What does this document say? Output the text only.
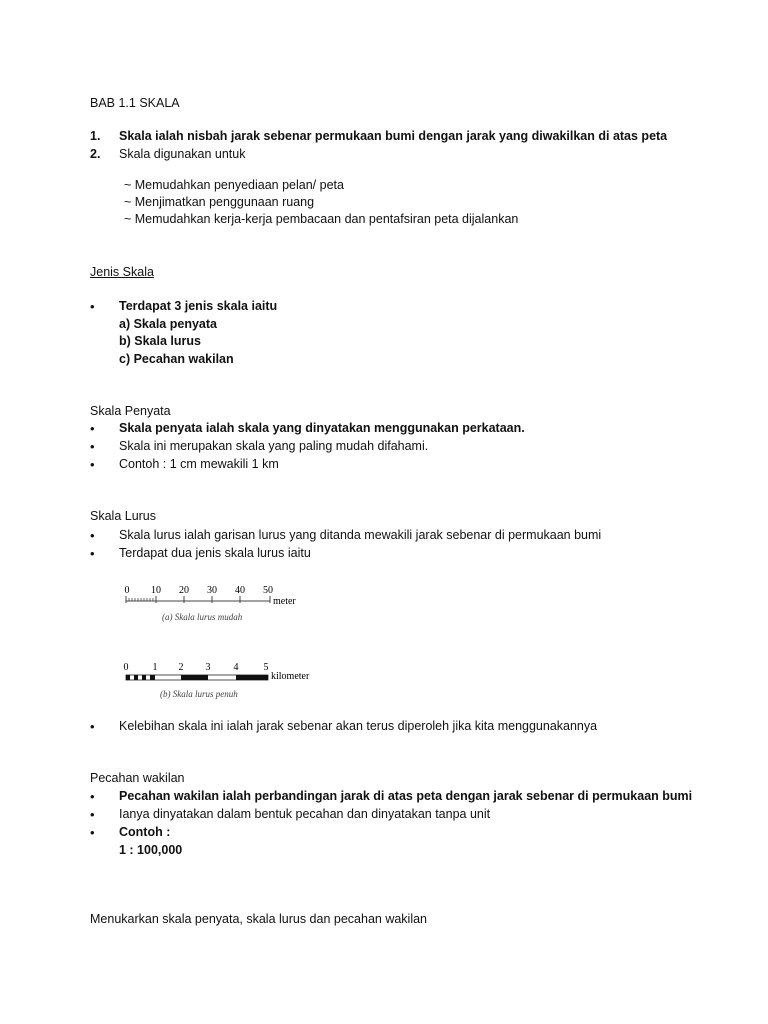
BAB 1.1 SKALA
1.	Skala ialah nisbah jarak sebenar permukaan bumi dengan jarak yang diwakilkan di atas peta
2.	Skala digunakan untuk
~ Memudahkan penyediaan pelan/ peta
~ Menjimatkan penggunaan ruang
~ Memudahkan kerja-kerja pembacaan dan pentafsiran peta dijalankan
Jenis Skala
• Terdapat 3 jenis skala iaitu
a) Skala penyata
b) Skala lurus
c) Pecahan wakilan
Skala Penyata
• Skala penyata ialah skala yang dinyatakan menggunakan perkataan.
• Skala ini merupakan skala yang paling mudah difahami.
• Contoh : 1 cm mewakili 1 km
Skala Lurus
• Skala lurus ialah garisan lurus yang ditanda mewakili jarak sebenar di permukaan bumi
• Terdapat dua jenis skala lurus iaitu
0 10 20 30 40 50
meter
(a) Skala lurus mudah
0 1 2 3 4	5
kilometer
(b) Skala lurus penuh
• Kelebihan skala ini ialah jarak sebenar akan terus diperoleh jika kita menggunakannya
Pecahan wakilan
• Pecahan wakilan ialah perbandingan jarak di atas peta dengan jarak sebenar di permukaan bumi
• Ianya dinyatakan dalam bentuk pecahan dan dinyatakan tanpa unit
• Contoh :
1 : 100,000
Menukarkan skala penyata, skala lurus dan pecahan wakilan
